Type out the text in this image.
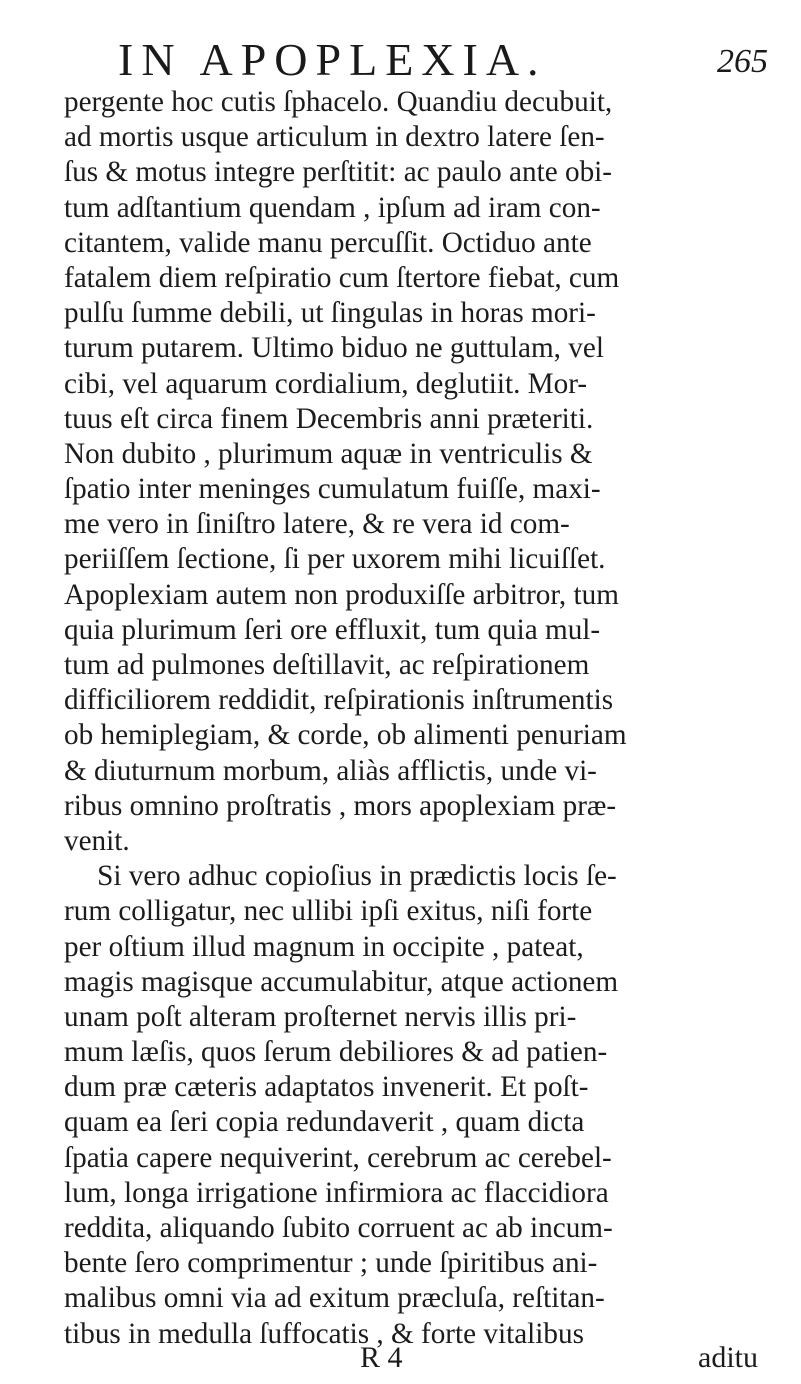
IN APOPLEXIA.	265
pergente hoc cutis ſphacelo. Quandiu decubuit,
ad mortis usque articulum in dextro latere ſen-
ſus & motus integre perſtitit: ac paulo ante obi-
tum adſtantium quendam , ipſum ad iram con-
citantem, valide manu percuſſit. Octiduo ante
fatalem diem reſpiratio cum ſtertore fiebat, cum
pulſu ſumme debili, ut ſingulas in horas mori-
turum putarem. Ultimo biduo ne guttulam, vel
cibi, vel aquarum cordialium, deglutiit. Mor-
tuus eſt circa finem Decembris anni præteriti.
Non dubito , plurimum aquæ in ventriculis &
ſpatio inter meninges cumulatum fuiſſe, maxi-
me vero in ſiniſtro latere, & re vera id com-
periiſſem ſectione, ſi per uxorem mihi licuiſſet.
Apoplexiam autem non produxiſſe arbitror, tum
quia plurimum ſeri ore effluxit, tum quia mul-
tum ad pulmones deſtillavit, ac reſpirationem
difficiliorem reddidit, reſpirationis inſtrumentis
ob hemiplegiam, & corde, ob alimenti penuriam
& diuturnum morbum, aliàs afflictis, unde vi-
ribus omnino proſtratis , mors apoplexiam præ-
venit.
Si vero adhuc copioſius in prædictis locis ſe-
rum colligatur, nec ullibi ipſi exitus, niſi forte
per oſtium illud magnum in occipite , pateat,
magis magisque accumulabitur, atque actionem
unam poſt alteram proſternet nervis illis pri-
mum læſis, quos ſerum debiliores & ad patien-
dum præ cæteris adaptatos invenerit. Et poſt-
quam ea ſeri copia redundaverit , quam dicta
ſpatia capere nequiverint, cerebrum ac cerebel-
lum, longa irrigatione infirmiora ac flaccidiora
reddita, aliquando ſubito corruent ac ab incum-
bente ſero comprimentur ; unde ſpiritibus ani-
malibus omni via ad exitum præcluſa, reſtitan-
tibus in medulla ſuffocatis , & forte vitalibus
R 4	aditu
